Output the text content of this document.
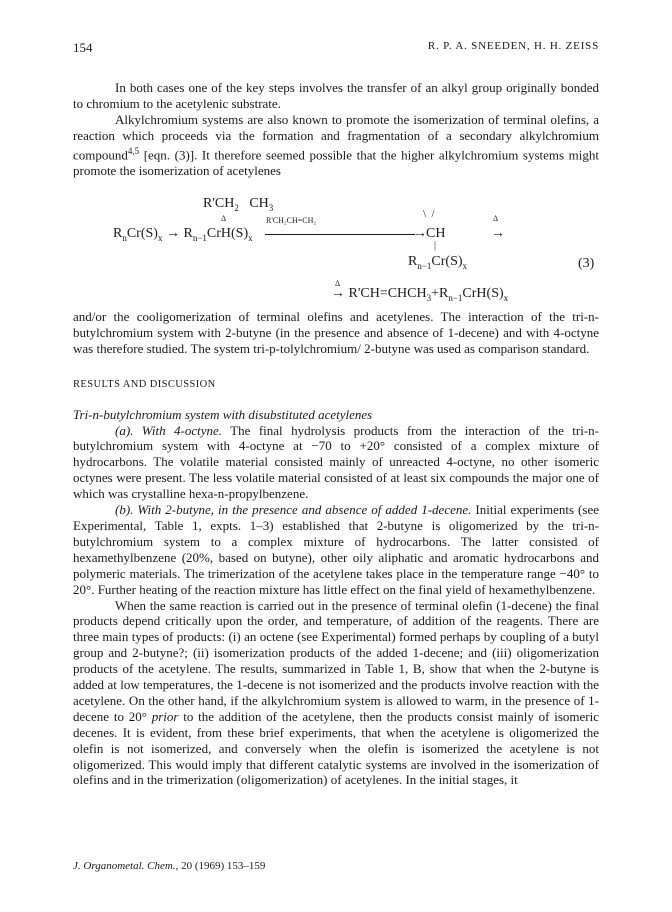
154	R. P. A. SNEEDEN, H. H. ZEISS

In both cases one of the key steps involves the transfer of an alkyl group originally bonded to chromium to the acetylenic substrate.

Alkylchromium systems are also known to promote the isomerization of terminal olefins, a reaction which proceeds via the formation and fragmentation of a secondary alkylchromium compound$^{4,5}$ [eqn. (3)]. It therefore seemed possible that the higher alkylchromium systems might promote the isomerization of acetylenes

$R'CH_2$   $CH_3$
Δ	R'CH₂CH=CH₂
\  /	Δ
$R_nCr(S)_x \to R_{n-1}CrH(S)_x$	→ CH	→
|
$R_{n-1}Cr(S)_x$	(3)
Δ

→ $R'CH=CHCH_3+R_{n-1}CrH(S)_x$

and/or the cooligomerization of terminal olefins and acetylenes. The interaction of the tri-n-butylchromium system with 2-butyne (in the presence and absence of 1-decene) and with 4-octyne was therefore studied. The system tri-p-tolylchromium/ 2-butyne was used as comparison standard.

RESULTS AND DISCUSSION

Tri-n-butylchromium system with disubstituted acetylenes

(a). With 4-octyne. The final hydrolysis products from the interaction of the tri-n-butylchromium system with 4-octyne at −70 to +20° consisted of a complex mixture of hydrocarbons. The volatile material consisted mainly of unreacted 4-octyne, no other isomeric octynes were present. The less volatile material consisted of at least six compounds the major one of which was crystalline hexa-n-propylbenzene.

(b). With 2-butyne, in the presence and absence of added 1-decene. Initial experiments (see Experimental, Table 1, expts. 1–3) established that 2-butyne is oligomerized by the tri-n-butylchromium system to a complex mixture of hydrocarbons. The latter consisted of hexamethylbenzene (20%, based on butyne), other oily aliphatic and aromatic hydrocarbons and polymeric materials. The trimerization of the acetylene takes place in the temperature range −40° to 20°. Further heating of the reaction mixture has little effect on the final yield of hexamethylbenzene.

When the same reaction is carried out in the presence of terminal olefin (1-decene) the final products depend critically upon the order, and temperature, of addition of the reagents. There are three main types of products: (i) an octene (see Experimental) formed perhaps by coupling of a butyl group and 2-butyne?; (ii) isomerization products of the added 1-decene; and (iii) oligomerization products of the acetylene. The results, summarized in Table 1, B, show that when the 2-butyne is added at low temperatures, the 1-decene is not isomerized and the products involve reaction with the acetylene. On the other hand, if the alkylchromium system is allowed to warm, in the presence of 1-decene to 20° prior to the addition of the acetylene, then the products consist mainly of isomeric decenes. It is evident, from these brief experiments, that when the acetylene is oligomerized the olefin is not isomerized, and conversely when the olefin is isomerized the acetylene is not oligomerized. This would imply that different catalytic systems are involved in the isomerization of olefins and in the trimerization (oligomerization) of acetylenes. In the initial stages, it

J. Organometal. Chem., 20 (1969) 153–159
